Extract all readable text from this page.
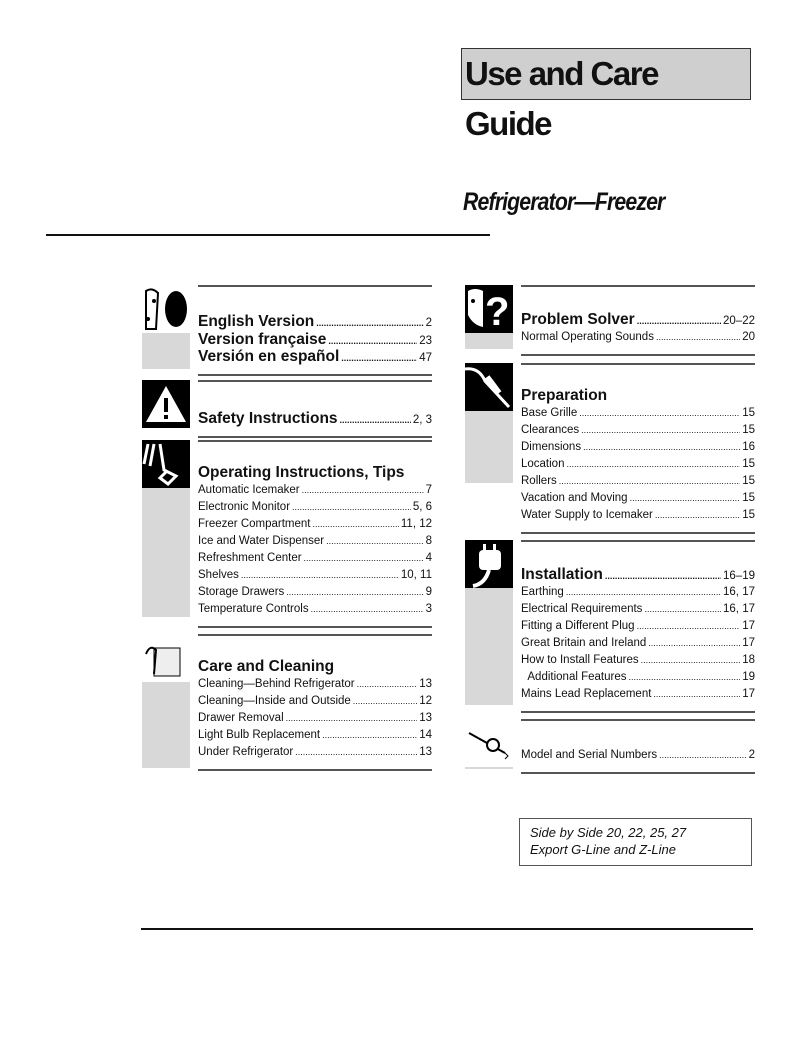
Use and Care Guide
Refrigerator—Freezer
English Version .....	2
Version française .....	23
Versión en español .....	47
Safety Instructions .....	2, 3
Operating Instructions, Tips
Automatic Icemaker .....	7
Electronic Monitor .....	5, 6
Freezer Compartment .....	11, 12
Ice and Water Dispenser .....	8
Refreshment Center .....	4
Shelves .....	10, 11
Storage Drawers .....	9
Temperature Controls .....	3
Care and Cleaning
Cleaning—Behind Refrigerator .....	13
Cleaning—Inside and Outside .....	12
Drawer Removal .....	13
Light Bulb Replacement .....	14
Under Refrigerator .....	13
? Problem Solver .....	20–22
Normal Operating Sounds .....	20
Preparation
Base Grille .....	15
Clearances .....	15
Dimensions .....	16
Location .....	15
Rollers .....	15
Vacation and Moving .....	15
Water Supply to Icemaker .....	15
Installation .....	16–19
Earthing .....	16, 17
Electrical Requirements .....	16, 17
Fitting a Different Plug .....	17
Great Britain and Ireland .....	17
How to Install Features .....	18
Additional Features .....	19
Mains Lead Replacement .....	17
Model and Serial Numbers .....	2
Side by Side 20, 22, 25, 27
Export G-Line and Z-Line
